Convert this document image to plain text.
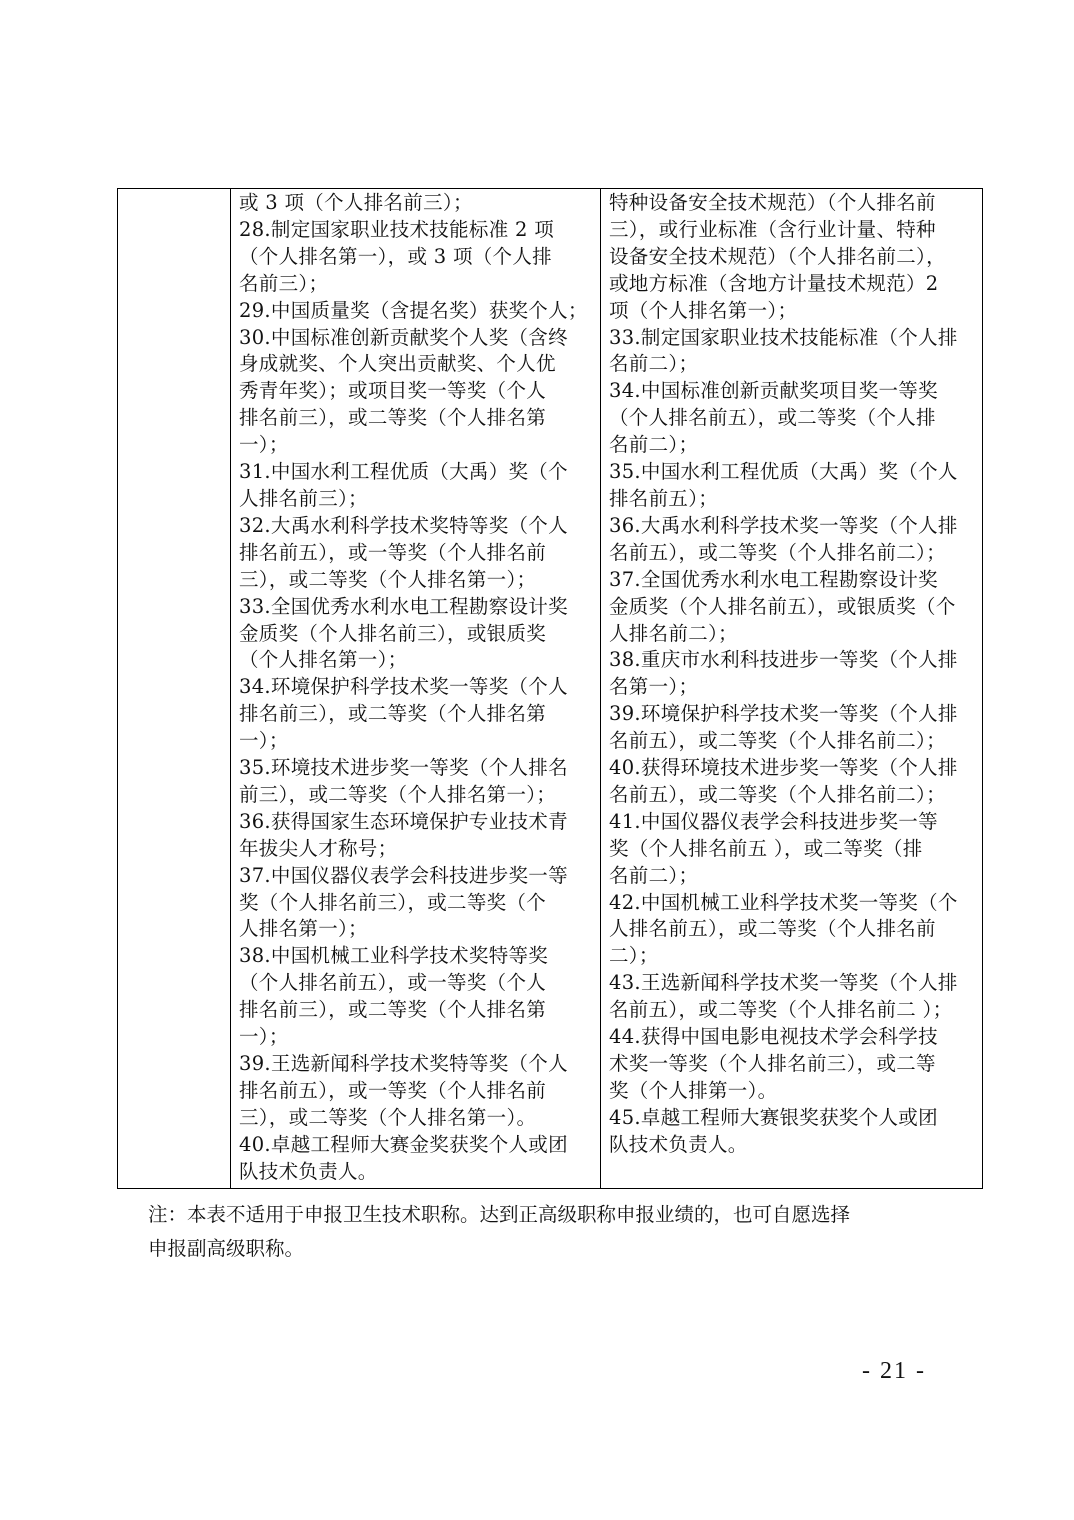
或 3 项（个人排名前三）；
28.制定国家职业技术技能标准 2 项
（个人排名第一），或 3 项（个人排
名前三）；
29.中国质量奖（含提名奖）获奖个人；
30.中国标准创新贡献奖个人奖（含终
身成就奖、个人突出贡献奖、个人优
秀青年奖）；或项目奖一等奖（个人
排名前三），或二等奖（个人排名第
一）；
31.中国水利工程优质（大禹）奖（个
人排名前三）；
32.大禹水利科学技术奖特等奖（个人
排名前五），或一等奖（个人排名前
三），或二等奖（个人排名第一）；
33.全国优秀水利水电工程勘察设计奖
金质奖（个人排名前三），或银质奖
（个人排名第一）；
34.环境保护科学技术奖一等奖（个人
排名前三），或二等奖（个人排名第
一）；
35.环境技术进步奖一等奖（个人排名
前三），或二等奖（个人排名第一）；
36.获得国家生态环境保护专业技术青
年拔尖人才称号；
37.中国仪器仪表学会科技进步奖一等
奖（个人排名前三），或二等奖（个
人排名第一）；
38.中国机械工业科学技术奖特等奖
（个人排名前五），或一等奖（个人
排名前三），或二等奖（个人排名第
一）；
39.王选新闻科学技术奖特等奖（个人
排名前五），或一等奖（个人排名前
三），或二等奖（个人排名第一）。
40.卓越工程师大赛金奖获奖个人或团
队技术负责人。

特种设备安全技术规范）（个人排名前
三），或行业标准（含行业计量、特种
设备安全技术规范）（个人排名前二），
或地方标准（含地方计量技术规范）2
项（个人排名第一）；
33.制定国家职业技术技能标准（个人排
名前二）；
34.中国标准创新贡献奖项目奖一等奖
（个人排名前五），或二等奖（个人排
名前二）；
35.中国水利工程优质（大禹）奖（个人
排名前五）；
36.大禹水利科学技术奖一等奖（个人排
名前五），或二等奖（个人排名前二）；
37.全国优秀水利水电工程勘察设计奖
金质奖（个人排名前五），或银质奖（个
人排名前二）；
38.重庆市水利科技进步一等奖（个人排
名第一）；
39.环境保护科学技术奖一等奖（个人排
名前五），或二等奖（个人排名前二）；
40.获得环境技术进步奖一等奖（个人排
名前五），或二等奖（个人排名前二）；
41.中国仪器仪表学会科技进步奖一等
奖（个人排名前五 ），或二等奖（排
名前二）；
42.中国机械工业科学技术奖一等奖（个
人排名前五），或二等奖（个人排名前
二）；
43.王选新闻科学技术奖一等奖（个人排
名前五），或二等奖（个人排名前二 ）；
44.获得中国电影电视技术学会科学技
术奖一等奖（个人排名前三），或二等
奖（个人排第一）。
45.卓越工程师大赛银奖获奖个人或团
队技术负责人。
注：本表不适用于申报卫生技术职称。达到正高级职称申报业绩的，也可自愿选择
申报副高级职称。
- 21 -
